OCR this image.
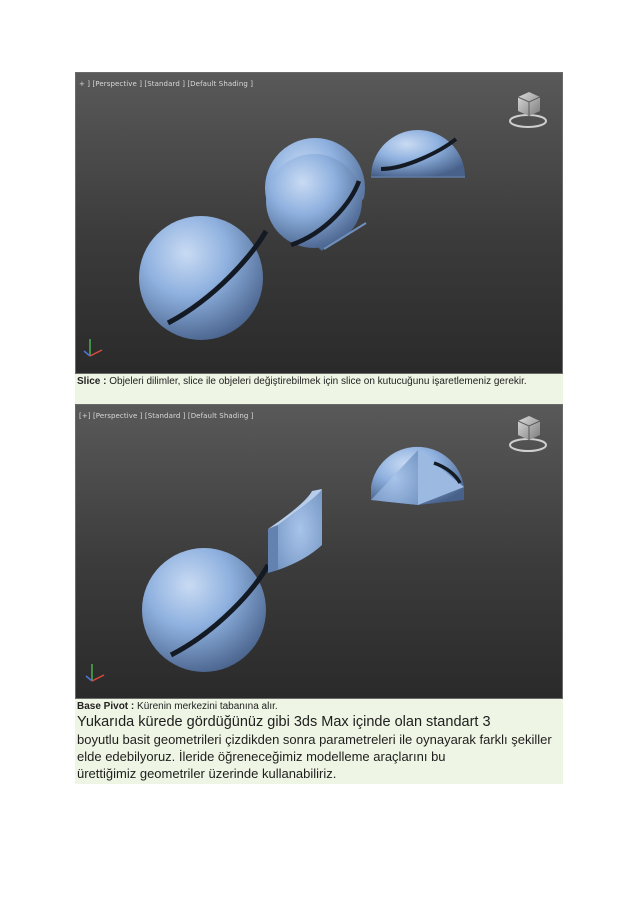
+ ] [Perspective ] [Standard ] [Default Shading ]
Slice : Objeleri dilimler, slice ile objeleri değiştirebilmek için slice on kutucuğunu işaretlemeniz gerekir.
[+] [Perspective ] [Standard ] [Default Shading ]
Base Pivot : Kürenin merkezini tabanına alır.
Yukarıda kürede gördüğünüz gibi 3ds Max içinde olan standart 3
boyutlu basit geometrileri çizdikden sonra parametreleri ile oynayarak farklı şekiller
elde edebilyoruz. İleride öğreneceğimiz modelleme araçlarını bu
ürettiğimiz geometriler üzerinde kullanabiliriz.
